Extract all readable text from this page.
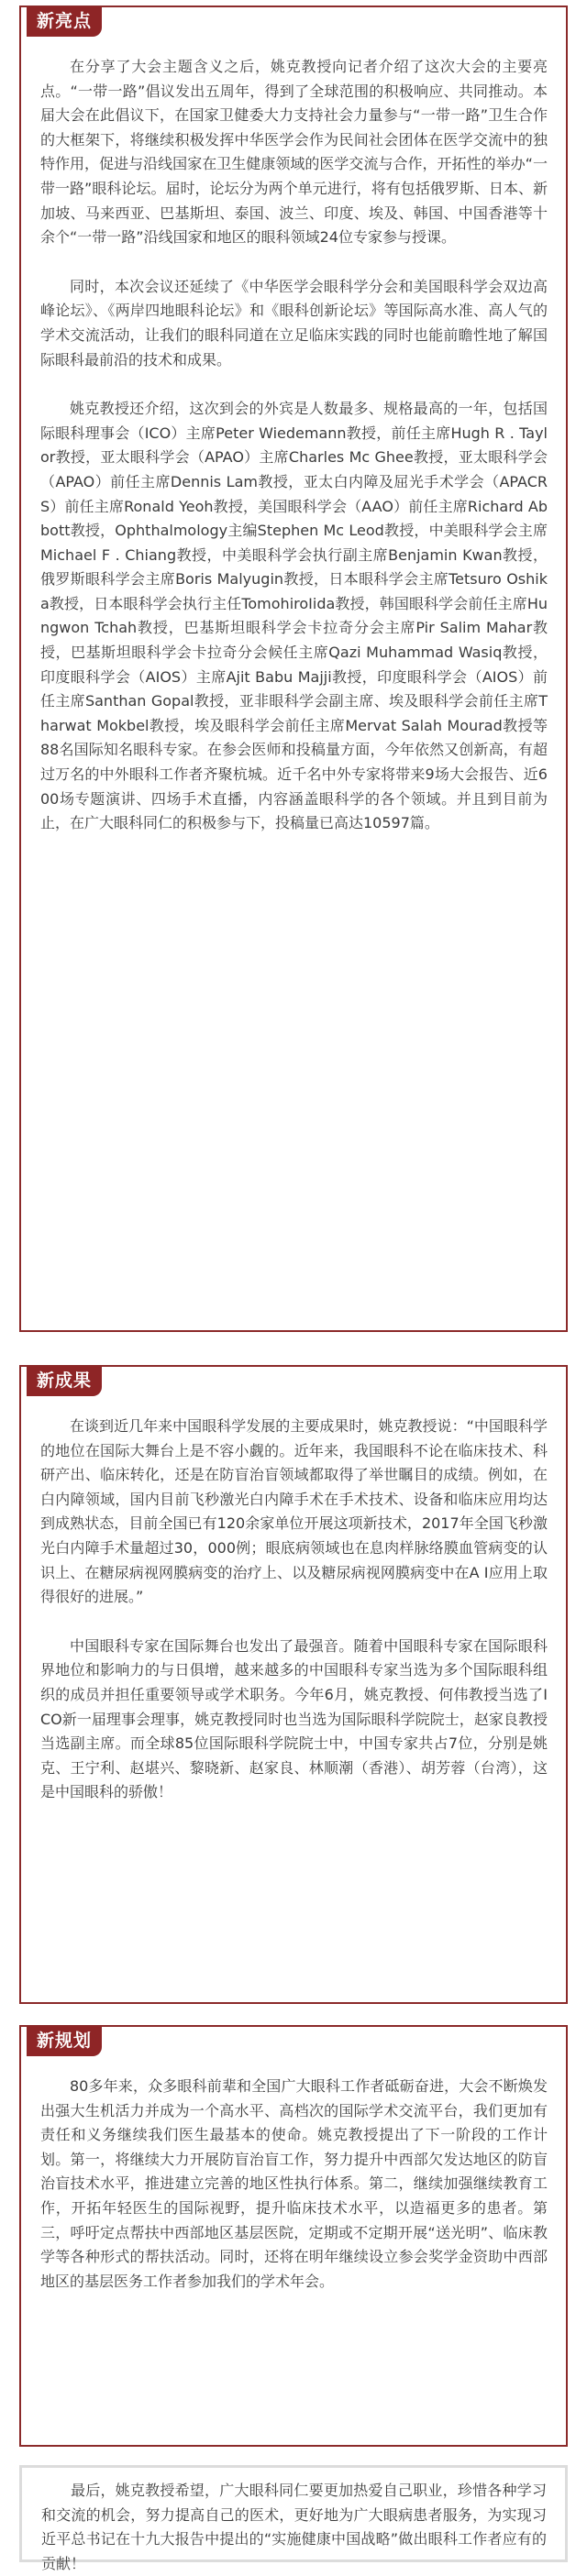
新亮点

在分享了大会主题含义之后，姚克教授向记者介绍了这次大会的主要亮点。“一带一路”倡议发出五周年，得到了全球范围的积极响应、共同推动。本届大会在此倡议下，在国家卫健委大力支持社会力量参与“一带一路”卫生合作的大框架下，将继续积极发挥中华医学会作为民间社会团体在医学交流中的独特作用，促进与沿线国家在卫生健康领域的医学交流与合作，开拓性的举办“一带一路”眼科论坛。届时，论坛分为两个单元进行，将有包括俄罗斯、日本、新加坡、马来西亚、巴基斯坦、泰国、波兰、印度、埃及、韩国、中国香港等十余个“一带一路”沿线国家和地区的眼科领域24位专家参与授课。

同时，本次会议还延续了《中华医学会眼科学分会和美国眼科学会双边高峰论坛》、《两岸四地眼科论坛》和《眼科创新论坛》等国际高水准、高人气的学术交流活动，让我们的眼科同道在立足临床实践的同时也能前瞻性地了解国际眼科最前沿的技术和成果。

姚克教授还介绍，这次到会的外宾是人数最多、规格最高的一年，包括国际眼科理事会（ICO）主席Peter Wiedemann教授，前任主席Hugh R . Taylor教授，亚太眼科学会（APAO）主席Charles Mc Ghee教授，亚太眼科学会（APAO）前任主席Dennis Lam教授，亚太白内障及屈光手术学会（APACRS）前任主席Ronald Yeoh教授，美国眼科学会（AAO）前任主席Richard Abbott教授，Ophthalmology主编Stephen Mc Leod教授，中美眼科学会主席Michael F . Chiang教授，中美眼科学会执行副主席Benjamin Kwan教授，俄罗斯眼科学会主席Boris Malyugin教授，日本眼科学会主席Tetsuro Oshika教授，日本眼科学会执行主任TomohiroIida教授，韩国眼科学会前任主席Hungwon Tchah教授，巴基斯坦眼科学会卡拉奇分会主席Pir Salim Mahar教授，巴基斯坦眼科学会卡拉奇分会候任主席Qazi Muhammad Wasiq教授，印度眼科学会（AIOS）主席Ajit Babu Majji教授，印度眼科学会（AIOS）前任主席Santhan Gopal教授，亚非眼科学会副主席、埃及眼科学会前任主席Tharwat Mokbel教授，埃及眼科学会前任主席Mervat Salah Mourad教授等88名国际知名眼科专家。在参会医师和投稿量方面，今年依然又创新高，有超过万名的中外眼科工作者齐聚杭城。近千名中外专家将带来9场大会报告、近600场专题演讲、四场手术直播，内容涵盖眼科学的各个领域。并且到目前为止，在广大眼科同仁的积极参与下，投稿量已高达10597篇。

新成果

在谈到近几年来中国眼科学发展的主要成果时，姚克教授说：“中国眼科学的地位在国际大舞台上是不容小觑的。近年来，我国眼科不论在临床技术、科研产出、临床转化，还是在防盲治盲领域都取得了举世瞩目的成绩。例如，在白内障领域，国内目前飞秒激光白内障手术在手术技术、设备和临床应用均达到成熟状态，目前全国已有120余家单位开展这项新技术，2017年全国飞秒激光白内障手术量超过30，000例；眼底病领域也在息肉样脉络膜血管病变的认识上、在糖尿病视网膜病变的治疗上、以及糖尿病视网膜病变中在A I应用上取得很好的进展。”

中国眼科专家在国际舞台也发出了最强音。随着中国眼科专家在国际眼科界地位和影响力的与日俱增，越来越多的中国眼科专家当选为多个国际眼科组织的成员并担任重要领导或学术职务。今年6月，姚克教授、何伟教授当选了ICO新一届理事会理事，姚克教授同时也当选为国际眼科学院院士，赵家良教授当选副主席。而全球85位国际眼科学院院士中，中国专家共占7位，分别是姚克、王宁利、赵堪兴、黎晓新、赵家良、林顺潮（香港）、胡芳蓉（台湾），这是中国眼科的骄傲！

新规划

80多年来，众多眼科前辈和全国广大眼科工作者砥砺奋进，大会不断焕发出强大生机活力并成为一个高水平、高档次的国际学术交流平台，我们更加有责任和义务继续我们医生最基本的使命。姚克教授提出了下一阶段的工作计划。第一，将继续大力开展防盲治盲工作，努力提升中西部欠发达地区的防盲治盲技术水平，推进建立完善的地区性执行体系。第二，继续加强继续教育工作，开拓年轻医生的国际视野，提升临床技术水平，以造福更多的患者。第三，呼吁定点帮扶中西部地区基层医院，定期或不定期开展“送光明”、临床教学等各种形式的帮扶活动。同时，还将在明年继续设立参会奖学金资助中西部地区的基层医务工作者参加我们的学术年会。

最后，姚克教授希望，广大眼科同仁要更加热爱自己职业，珍惜各种学习和交流的机会，努力提高自己的医术，更好地为广大眼病患者服务，为实现习近平总书记在十九大报告中提出的“实施健康中国战略”做出眼科工作者应有的贡献！
